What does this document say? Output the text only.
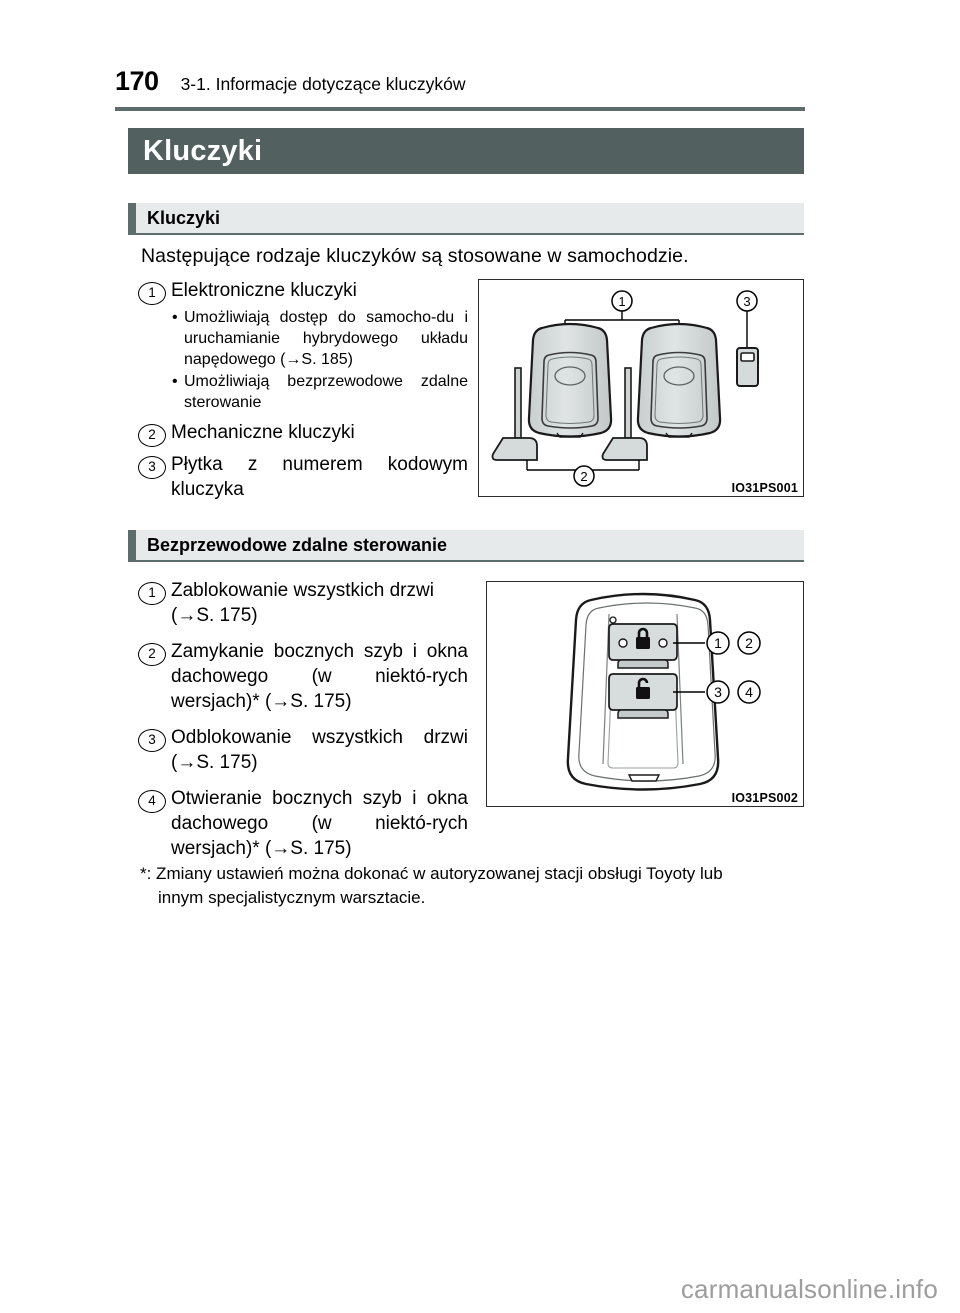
170 3-1. Informacje dotyczące kluczyków
Kluczyki
Kluczyki
Następujące rodzaje kluczyków są stosowane w samochodzie.
1 Elektroniczne kluczyki
• Umożliwiają dostęp do samocho-du i uruchamianie hybrydowego układu napędowego (→S. 185)
• Umożliwiają bezprzewodowe zdalne sterowanie
2 Mechaniczne kluczyki
3 Płytka z numerem kodowym kluczyka
1
2
3
IO31PS001
Bezprzewodowe zdalne sterowanie
1 Zablokowanie wszystkich drzwi (→S. 175)
2 Zamykanie bocznych szyb i okna dachowego (w niektó-rych wersjach)* (→S. 175)
3 Odblokowanie wszystkich drzwi (→S. 175)
4 Otwieranie bocznych szyb i okna dachowego (w niektó-rych wersjach)* (→S. 175)
1 2
3 4
IO31PS002
*: Zmiany ustawień można dokonać w autoryzowanej stacji obsługi Toyoty lub
innym specjalistycznym warsztacie.
carmanualsonline.info
